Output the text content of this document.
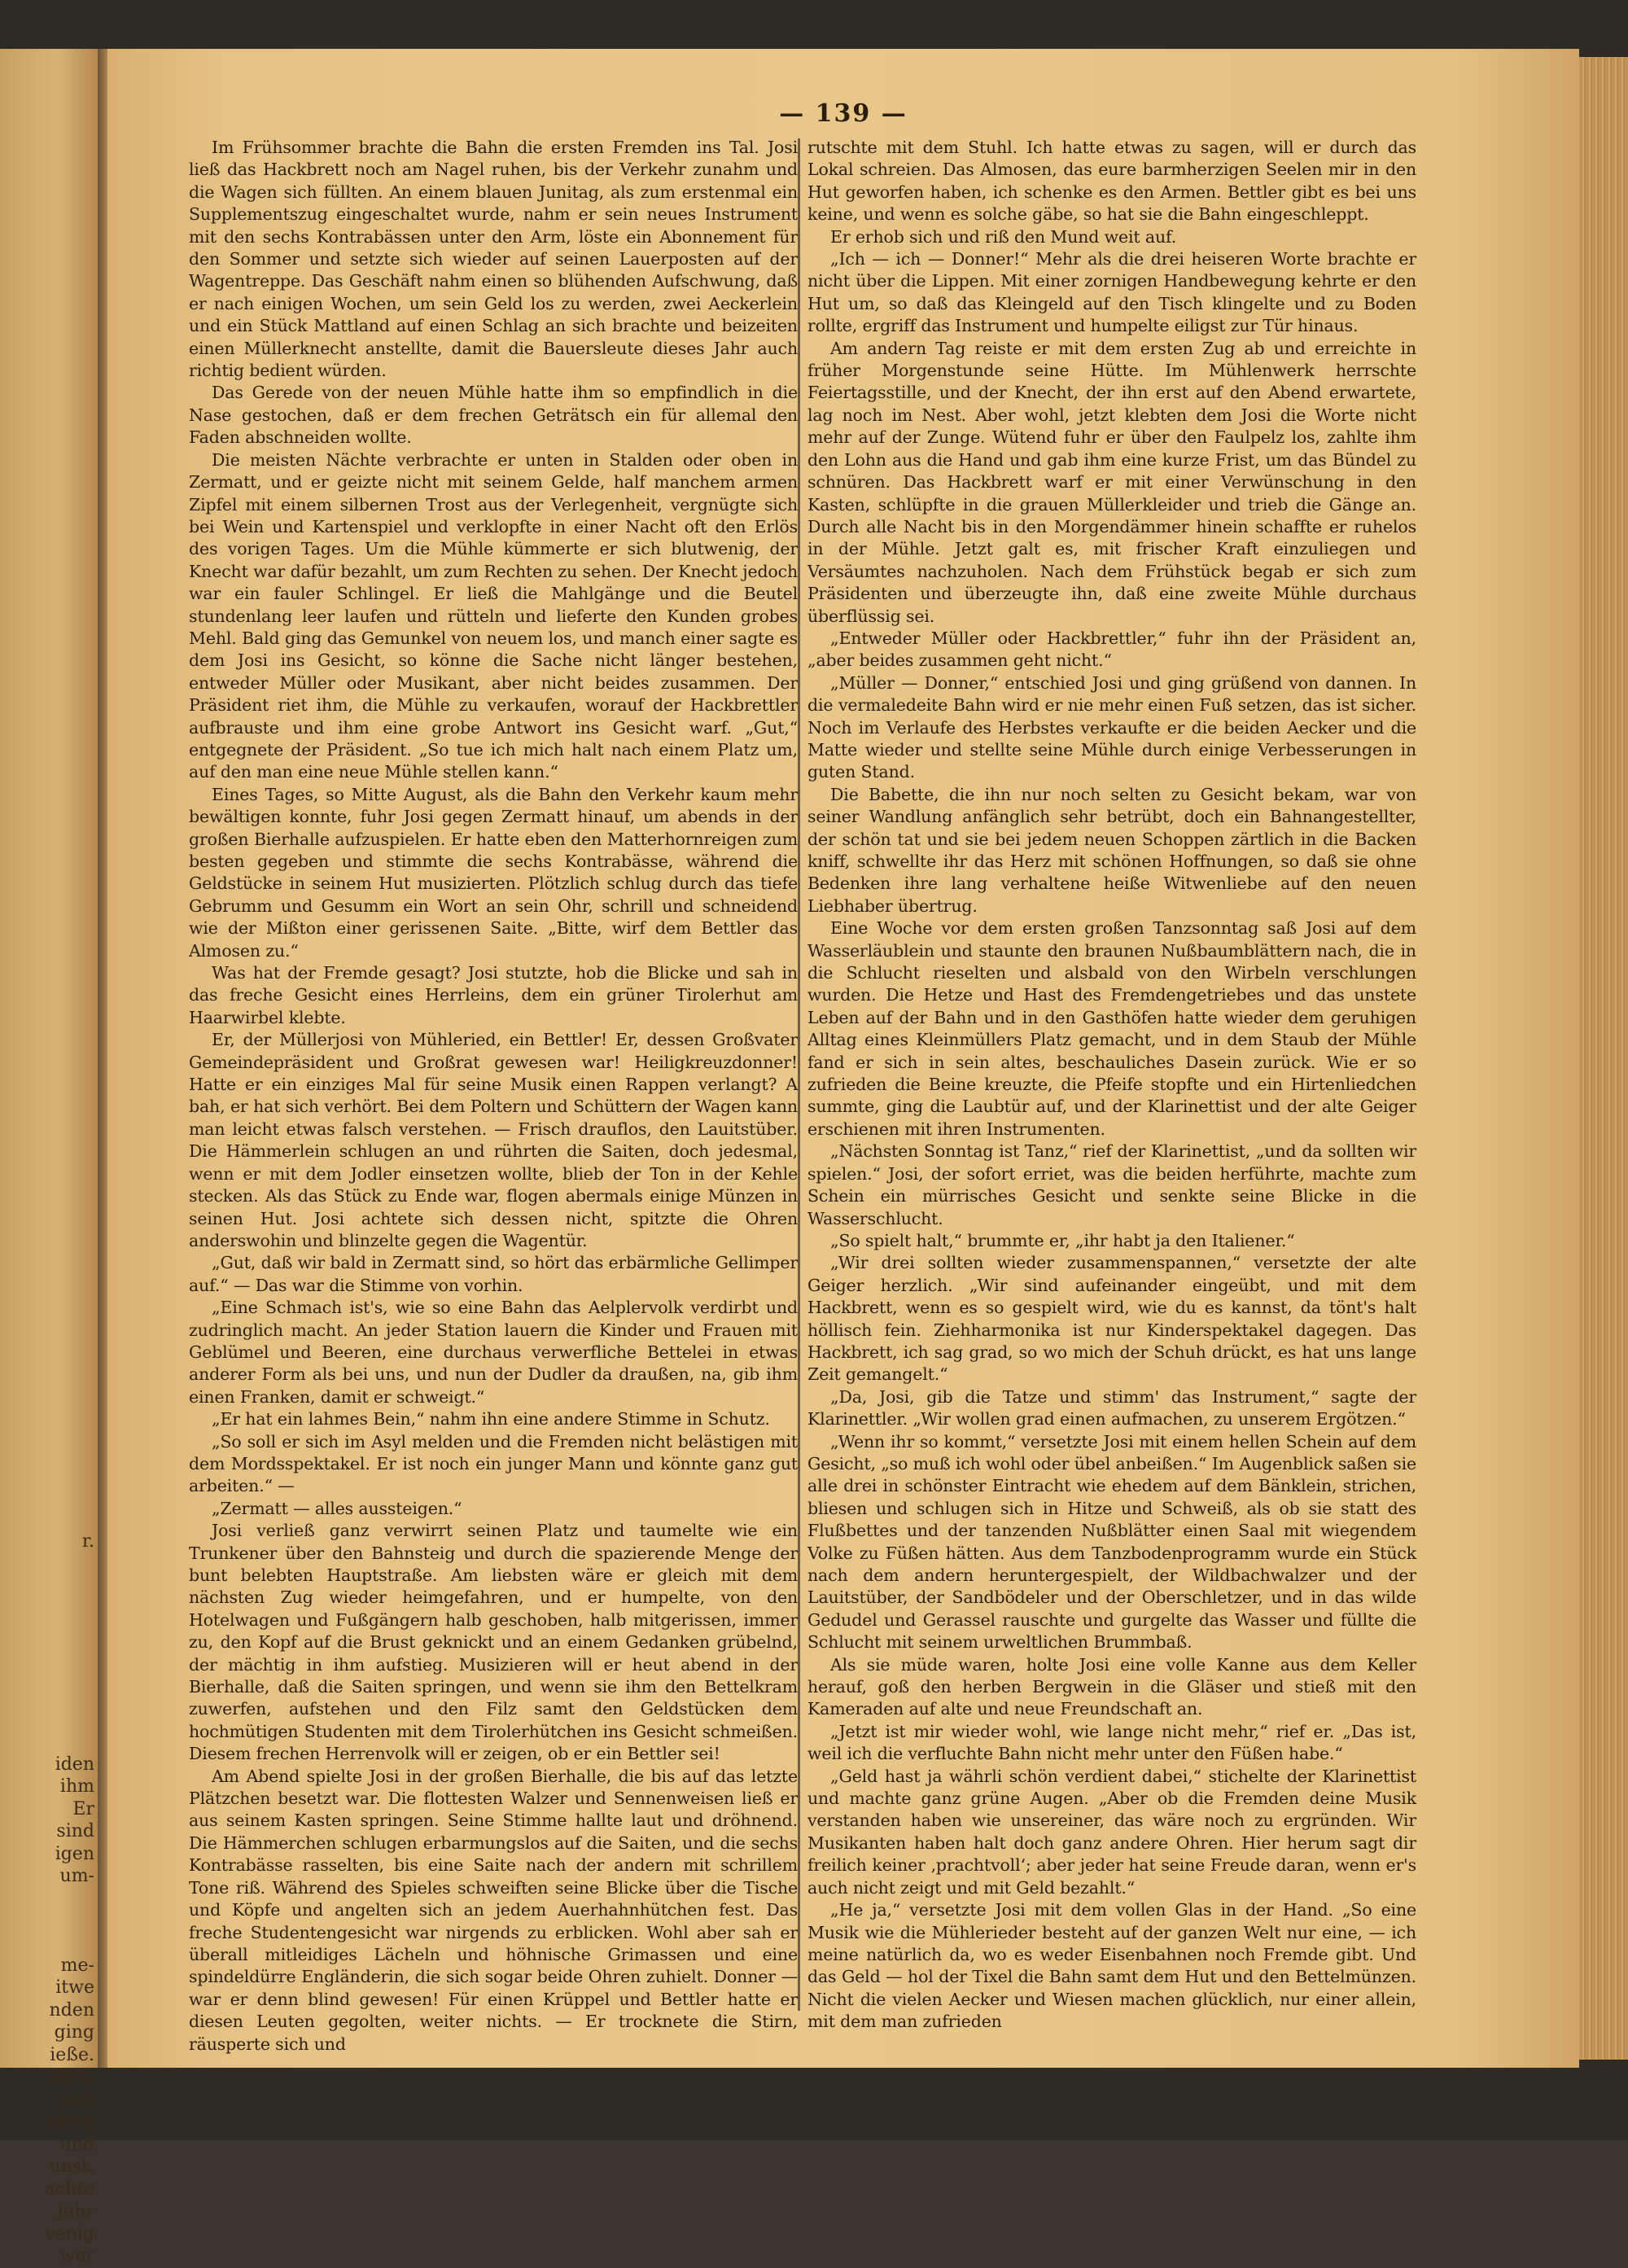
r.
iden
ihm
Er
sind
igen
um-
me-
itwe
nden
ging
ieße.
glein
und
nften
und
unst.
achte
Jahr
venig
wer
— 139 —

Im Frühsommer brachte die Bahn die ersten Fremden ins Tal. Josi ließ das Hackbrett noch am Nagel ruhen, bis der Verkehr zunahm und die Wagen sich füllten. An einem blauen Junitag, als zum erstenmal ein Supplementszug eingeschaltet wurde, nahm er sein neues Instrument mit den sechs Kontrabässen unter den Arm, löste ein Abonnement für den Sommer und setzte sich wieder auf seinen Lauerposten auf der Wagentreppe. Das Geschäft nahm einen so blühenden Aufschwung, daß er nach einigen Wochen, um sein Geld los zu werden, zwei Aeckerlein und ein Stück Mattland auf einen Schlag an sich brachte und beizeiten einen Müllerknecht anstellte, damit die Bauersleute dieses Jahr auch richtig bedient würden.

Das Gerede von der neuen Mühle hatte ihm so empfindlich in die Nase gestochen, daß er dem frechen Geträtsch ein für allemal den Faden abschneiden wollte.

Die meisten Nächte verbrachte er unten in Stalden oder oben in Zermatt, und er geizte nicht mit seinem Gelde, half manchem armen Zipfel mit einem silbernen Trost aus der Verlegenheit, vergnügte sich bei Wein und Kartenspiel und verklopfte in einer Nacht oft den Erlös des vorigen Tages. Um die Mühle kümmerte er sich blutwenig, der Knecht war dafür bezahlt, um zum Rechten zu sehen. Der Knecht jedoch war ein fauler Schlingel. Er ließ die Mahlgänge und die Beutel stundenlang leer laufen und rütteln und lieferte den Kunden grobes Mehl. Bald ging das Gemunkel von neuem los, und manch einer sagte es dem Josi ins Gesicht, so könne die Sache nicht länger bestehen, entweder Müller oder Musikant, aber nicht beides zusammen. Der Präsident riet ihm, die Mühle zu verkaufen, worauf der Hackbrettler aufbrauste und ihm eine grobe Antwort ins Gesicht warf. „Gut,“ entgegnete der Präsident. „So tue ich mich halt nach einem Platz um, auf den man eine neue Mühle stellen kann.“

Eines Tages, so Mitte August, als die Bahn den Verkehr kaum mehr bewältigen konnte, fuhr Josi gegen Zermatt hinauf, um abends in der großen Bierhalle aufzuspielen. Er hatte eben den Matterhornreigen zum besten gegeben und stimmte die sechs Kontrabässe, während die Geldstücke in seinem Hut musizierten. Plötzlich schlug durch das tiefe Gebrumm und Gesumm ein Wort an sein Ohr, schrill und schneidend wie der Mißton einer gerissenen Saite. „Bitte, wirf dem Bettler das Almosen zu.“

Was hat der Fremde gesagt? Josi stutzte, hob die Blicke und sah in das freche Gesicht eines Herrleins, dem ein grüner Tirolerhut am Haarwirbel klebte.

Er, der Müllerjosi von Mühleried, ein Bettler! Er, dessen Großvater Gemeindepräsident und Großrat gewesen war! Heiligkreuzdonner! Hatte er ein einziges Mal für seine Musik einen Rappen verlangt? A bah, er hat sich verhört. Bei dem Poltern und Schüttern der Wagen kann man leicht etwas falsch verstehen. — Frisch drauflos, den Lauitstüber. Die Hämmerlein schlugen an und rührten die Saiten, doch jedesmal, wenn er mit dem Jodler einsetzen wollte, blieb der Ton in der Kehle stecken. Als das Stück zu Ende war, flogen abermals einige Münzen in seinen Hut. Josi achtete sich dessen nicht, spitzte die Ohren anderswohin und blinzelte gegen die Wagentür.

„Gut, daß wir bald in Zermatt sind, so hört das erbärmliche Gellimper auf.“ — Das war die Stimme von vorhin.

„Eine Schmach ist's, wie so eine Bahn das Aelplervolk verdirbt und zudringlich macht. An jeder Station lauern die Kinder und Frauen mit Geblümel und Beeren, eine durchaus verwerfliche Bettelei in etwas anderer Form als bei uns, und nun der Dudler da draußen, na, gib ihm einen Franken, damit er schweigt.“

„Er hat ein lahmes Bein,“ nahm ihn eine andere Stimme in Schutz.

„So soll er sich im Asyl melden und die Fremden nicht belästigen mit dem Mordsspektakel. Er ist noch ein junger Mann und könnte ganz gut arbeiten.“ —

„Zermatt — alles aussteigen.“

Josi verließ ganz verwirrt seinen Platz und taumelte wie ein Trunkener über den Bahnsteig und durch die spazierende Menge der bunt belebten Hauptstraße. Am liebsten wäre er gleich mit dem nächsten Zug wieder heimgefahren, und er humpelte, von den Hotelwagen und Fußgängern halb geschoben, halb mitgerissen, immer zu, den Kopf auf die Brust geknickt und an einem Gedanken grübelnd, der mächtig in ihm aufstieg. Musizieren will er heut abend in der Bierhalle, daß die Saiten springen, und wenn sie ihm den Bettelkram zuwerfen, aufstehen und den Filz samt den Geldstücken dem hochmütigen Studenten mit dem Tirolerhütchen ins Gesicht schmeißen. Diesem frechen Herrenvolk will er zeigen, ob er ein Bettler sei!

Am Abend spielte Josi in der großen Bierhalle, die bis auf das letzte Plätzchen besetzt war. Die flottesten Walzer und Sennenweisen ließ er aus seinem Kasten springen. Seine Stimme hallte laut und dröhnend. Die Hämmerchen schlugen erbarmungslos auf die Saiten, und die sechs Kontrabässe rasselten, bis eine Saite nach der andern mit schrillem Tone riß. Während des Spieles schweiften seine Blicke über die Tische und Köpfe und angelten sich an jedem Auerhahnhütchen fest. Das freche Studentengesicht war nirgends zu erblicken. Wohl aber sah er überall mitleidiges Lächeln und höhnische Grimassen und eine spindeldürre Engländerin, die sich sogar beide Ohren zuhielt. Donner — war er denn blind gewesen! Für einen Krüppel und Bettler hatte er diesen Leuten gegolten, weiter nichts. — Er trocknete die Stirn, räusperte sich und

rutschte mit dem Stuhl. Ich hatte etwas zu sagen, will er durch das Lokal schreien. Das Almosen, das eure barmherzigen Seelen mir in den Hut geworfen haben, ich schenke es den Armen. Bettler gibt es bei uns keine, und wenn es solche gäbe, so hat sie die Bahn eingeschleppt.

Er erhob sich und riß den Mund weit auf.

„Ich — ich — Donner!“ Mehr als die drei heiseren Worte brachte er nicht über die Lippen. Mit einer zornigen Handbewegung kehrte er den Hut um, so daß das Kleingeld auf den Tisch klingelte und zu Boden rollte, ergriff das Instrument und humpelte eiligst zur Tür hinaus.

Am andern Tag reiste er mit dem ersten Zug ab und erreichte in früher Morgenstunde seine Hütte. Im Mühlenwerk herrschte Feiertagsstille, und der Knecht, der ihn erst auf den Abend erwartete, lag noch im Nest. Aber wohl, jetzt klebten dem Josi die Worte nicht mehr auf der Zunge. Wütend fuhr er über den Faulpelz los, zahlte ihm den Lohn aus die Hand und gab ihm eine kurze Frist, um das Bündel zu schnüren. Das Hackbrett warf er mit einer Verwünschung in den Kasten, schlüpfte in die grauen Müllerkleider und trieb die Gänge an. Durch alle Nacht bis in den Morgendämmer hinein schaffte er ruhelos in der Mühle. Jetzt galt es, mit frischer Kraft einzuliegen und Versäumtes nachzuholen. Nach dem Frühstück begab er sich zum Präsidenten und überzeugte ihn, daß eine zweite Mühle durchaus überflüssig sei.

„Entweder Müller oder Hackbrettler,“ fuhr ihn der Präsident an, „aber beides zusammen geht nicht.“

„Müller — Donner,“ entschied Josi und ging grüßend von dannen. In die vermaledeite Bahn wird er nie mehr einen Fuß setzen, das ist sicher. Noch im Verlaufe des Herbstes verkaufte er die beiden Aecker und die Matte wieder und stellte seine Mühle durch einige Verbesserungen in guten Stand.

Die Babette, die ihn nur noch selten zu Gesicht bekam, war von seiner Wandlung anfänglich sehr betrübt, doch ein Bahnangestellter, der schön tat und sie bei jedem neuen Schoppen zärtlich in die Backen kniff, schwellte ihr das Herz mit schönen Hoffnungen, so daß sie ohne Bedenken ihre lang verhaltene heiße Witwenliebe auf den neuen Liebhaber übertrug.

Eine Woche vor dem ersten großen Tanzsonntag saß Josi auf dem Wasserläublein und staunte den braunen Nußbaumblättern nach, die in die Schlucht rieselten und alsbald von den Wirbeln verschlungen wurden. Die Hetze und Hast des Fremdengetriebes und das unstete Leben auf der Bahn und in den Gasthöfen hatte wieder dem geruhigen Alltag eines Kleinmüllers Platz gemacht, und in dem Staub der Mühle fand er sich in sein altes, beschauliches Dasein zurück. Wie er so zufrieden die Beine kreuzte, die Pfeife stopfte und ein Hirtenliedchen summte, ging die Laubtür auf, und der Klarinettist und der alte Geiger erschienen mit ihren Instrumenten.

„Nächsten Sonntag ist Tanz,“ rief der Klarinettist, „und da sollten wir spielen.“ Josi, der sofort erriet, was die beiden herführte, machte zum Schein ein mürrisches Gesicht und senkte seine Blicke in die Wasserschlucht.

„So spielt halt,“ brummte er, „ihr habt ja den Italiener.“

„Wir drei sollten wieder zusammenspannen,“ versetzte der alte Geiger herzlich. „Wir sind aufeinander eingeübt, und mit dem Hackbrett, wenn es so gespielt wird, wie du es kannst, da tönt's halt höllisch fein. Ziehharmonika ist nur Kinderspektakel dagegen. Das Hackbrett, ich sag grad, so wo mich der Schuh drückt, es hat uns lange Zeit gemangelt.“

„Da, Josi, gib die Tatze und stimm' das Instrument,“ sagte der Klarinettler. „Wir wollen grad einen aufmachen, zu unserem Ergötzen.“

„Wenn ihr so kommt,“ versetzte Josi mit einem hellen Schein auf dem Gesicht, „so muß ich wohl oder übel anbeißen.“ Im Augenblick saßen sie alle drei in schönster Eintracht wie ehedem auf dem Bänklein, strichen, bliesen und schlugen sich in Hitze und Schweiß, als ob sie statt des Flußbettes und der tanzenden Nußblätter einen Saal mit wiegendem Volke zu Füßen hätten. Aus dem Tanzbodenprogramm wurde ein Stück nach dem andern heruntergespielt, der Wildbachwalzer und der Lauitstüber, der Sandbödeler und der Oberschletzer, und in das wilde Gedudel und Gerassel rauschte und gurgelte das Wasser und füllte die Schlucht mit seinem urweltlichen Brummbaß.

Als sie müde waren, holte Josi eine volle Kanne aus dem Keller herauf, goß den herben Bergwein in die Gläser und stieß mit den Kameraden auf alte und neue Freundschaft an.

„Jetzt ist mir wieder wohl, wie lange nicht mehr,“ rief er. „Das ist, weil ich die verfluchte Bahn nicht mehr unter den Füßen habe.“

„Geld hast ja währli schön verdient dabei,“ stichelte der Klarinettist und machte ganz grüne Augen. „Aber ob die Fremden deine Musik verstanden haben wie unsereiner, das wäre noch zu ergründen. Wir Musikanten haben halt doch ganz andere Ohren. Hier herum sagt dir freilich keiner ‚prachtvoll‘; aber jeder hat seine Freude daran, wenn er's auch nicht zeigt und mit Geld bezahlt.“

„He ja,“ versetzte Josi mit dem vollen Glas in der Hand. „So eine Musik wie die Mühlerieder besteht auf der ganzen Welt nur eine, — ich meine natürlich da, wo es weder Eisenbahnen noch Fremde gibt. Und das Geld — hol der Tixel die Bahn samt dem Hut und den Bettelmünzen. Nicht die vielen Aecker und Wiesen machen glücklich, nur einer allein, mit dem man zufrieden
